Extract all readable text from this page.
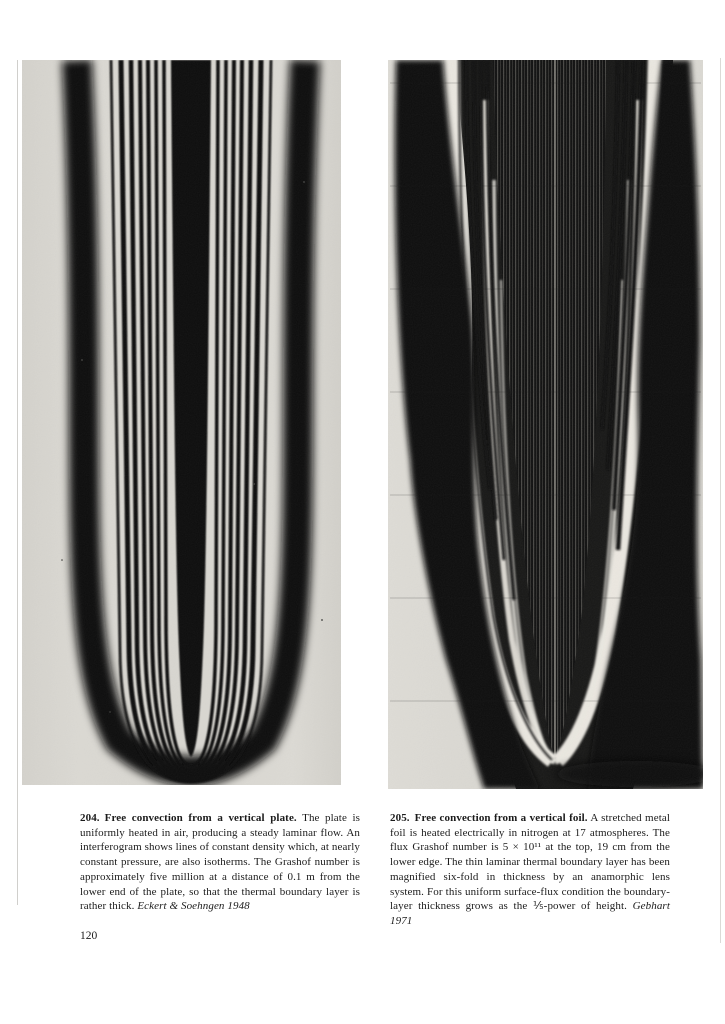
204. Free convection from a vertical plate. The plate is uniformly heated in air, producing a steady laminar flow. An interferogram shows lines of constant density which, at nearly constant pressure, are also isotherms. The Grashof number is approximately five million at a distance of 0.1 m from the lower end of the plate, so that the thermal boundary layer is rather thick. Eckert & Soehngen 1948

205. Free convection from a vertical foil. A stretched metal foil is heated electrically in nitrogen at 17 atmospheres. The flux Grashof number is 5 × 10¹¹ at the top, 19 cm from the lower edge. The thin laminar thermal boundary layer has been magnified six-fold in thickness by an anamorphic lens system. For this uniform surface-flux condition the boundary-layer thickness grows as the ⅕-power of height. Gebhart 1971

120
